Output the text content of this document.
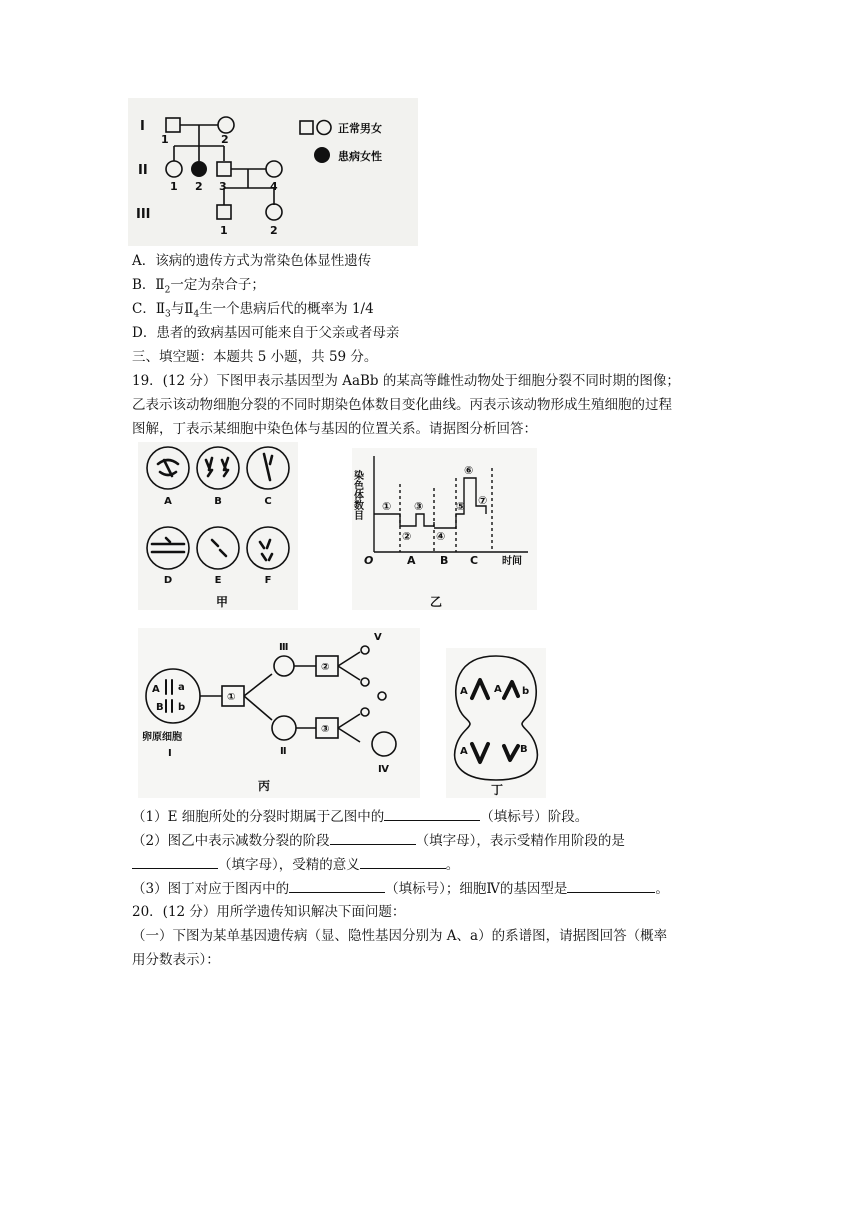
I
II
III
1	2
1 2 3	4
1	2
正常男女
患病女性
A．该病的遗传方式为常染色体显性遗传
B．$Ⅱ_2$一定为杂合子；
C．$Ⅱ_3$与$Ⅱ_4$生一个患病后代的概率为 1/4
D．患者的致病基因可能来自于父亲或者母亲
三、填空题：本题共 5 小题，共 59 分。
19．(12 分）下图甲表示基因型为 AaBb 的某高等雌性动物处于细胞分裂不同时期的图像；
乙表示该动物细胞分裂的不同时期染色体数目变化曲线。丙表示该动物形成生殖细胞的过程
图解，丁表示某细胞中染色体与基因的位置关系。请据图分析回答：
A	B	C
D	E	F
甲
染色体数目
O	时间
A B C
①
②
③
④
⑤
⑥
⑦
乙
A a
B b
卵原细胞
Ⅰ
①
②
③
Ⅲ
Ⅱ
Ⅴ
Ⅳ
丙
A	A b
A	B
丁
（1）E 细胞所处的分裂时期属于乙图中的	（填标号）阶段。
（2）图乙中表示减数分裂的阶段	（填字母），表示受精作用阶段的是
（填字母），受精的意义	。
（3）图丁对应于图丙中的	（填标号）；细胞Ⅳ的基因型是	。
20．(12 分）用所学遗传知识解决下面问题：
（一）下图为某单基因遗传病（显、隐性基因分别为 A、a）的系谱图，请据图回答（概率
用分数表示）：
